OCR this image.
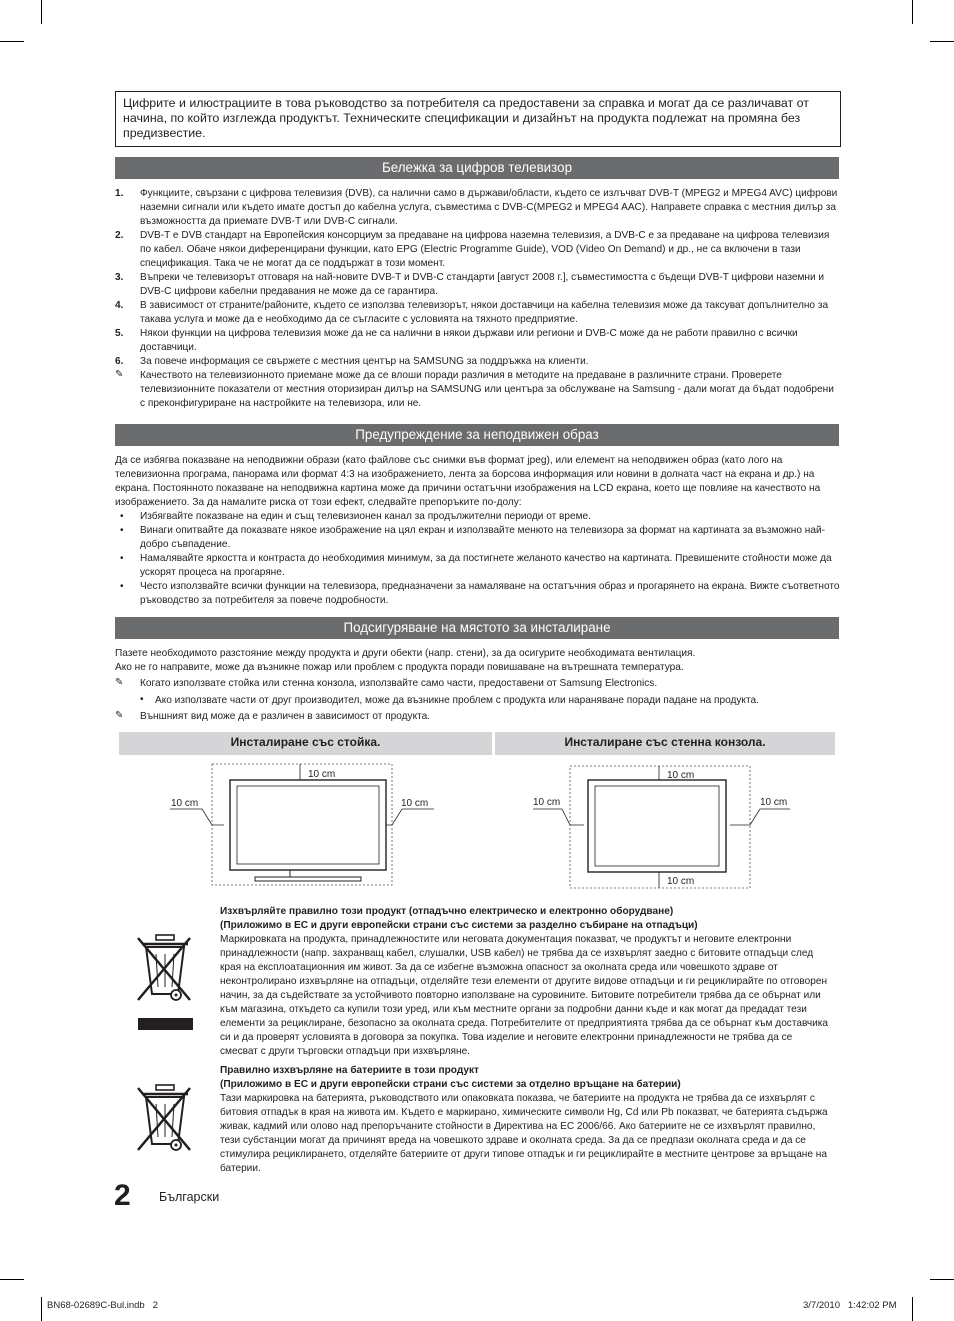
Цифрите и илюстрациите в това ръководство за потребителя са предоставени за справка и могат да се различават от начина, по който изглежда продуктът. Техническите спецификации и дизайнът на продукта подлежат на промяна без предизвестие.
Бележка за цифров телевизор
1. Функциите, свързани с цифрова телевизия (DVB), са налични само в държави/области, където се излъчват DVB-T (MPEG2 и MPEG4 AVC) цифрови наземни сигнали или където имате достъп до кабелна услуга, съвместима с DVB-C(MPEG2 и MPEG4 AAC). Направете справка с местния дилър за възможността да приемате DVB-T или DVB-C сигнали.
2. DVB-T е DVB стандарт на Европейския консорциум за предаване на цифрова наземна телевизия, а DVB-C е за предаване на цифрова телевизия по кабел. Обаче някои диференцирани функции, като EPG (Electric Programme Guide), VOD (Video On Demand) и др., не са включени в тази спецификация. Така че не могат да се поддържат в този момент.
3. Въпреки че телевизорът отговаря на най-новите DVB-T и DVB-C стандарти [август 2008 г.], съвместимостта с бъдещи DVB-T цифрови наземни и DVB-C цифрови кабелни предавания не може да се гарантира.
4. В зависимост от страните/районите, където се използва телевизорът, някои доставчици на кабелна телевизия може да таксуват допълнително за такава услуга и може да е необходимо да се съгласите с условията на тяхното предприятие.
5. Някои функции на цифрова телевизия може да не са налични в някои държави или региони и DVB-C може да не работи правилно с всички доставчици.
6. За повече информация се свържете с местния център на SAMSUNG за поддръжка на клиенти.
✎ Качеството на телевизионното приемане може да се влоши поради различия в методите на предаване в различните страни. Проверете телевизионните показатели от местния оторизиран дилър на SAMSUNG или центъра за обслужване на Samsung - дали могат да бъдат подобрени с преконфигуриране на настройките на телевизора, или не.
Предупреждение за неподвижен образ
Да се избягва показване на неподвижни образи (като файлове със снимки във формат jpeg), или елемент на неподвижен образ (като лого на телевизионна програма, панорама или формат 4:3 на изображението, лента за борсова информация или новини в долната част на екрана и др.) на екрана. Постоянното показване на неподвижна картина може да причини остатъчни изображения на LCD екрана, което ще повлияе на качеството на изображението. За да намалите риска от този ефект, следвайте препоръките по-долу:
• Избягвайте показване на един и същ телевизионен канал за продължителни периоди от време.
• Винаги опитвайте да показвате някое изображение на цял екран и използвайте менюто на телевизора за формат на картината за възможно най-добро съвпадение.
• Намалявайте яркостта и контраста до необходимия минимум, за да постигнете желаното качество на картината. Превишените стойности може да ускорят процеса на прогаряне.
• Често използвайте всички функции на телевизора, предназначени за намаляване на остатъчния образ и прогарянето на екрана. Вижте съответното ръководство за потребителя за повече подробности.
Подсигуряване на мястото за инсталиране
Пазете необходимото разстояние между продукта и други обекти (напр. стени), за да осигурите необходимата вентилация.
Ако не го направите, може да възникне пожар или проблем с продукта поради повишаване на вътрешната температура.
✎ Когато използвате стойка или стенна конзола, използвайте само части, предоставени от Samsung Electronics.
• Ако използвате части от друг производител, може да възникне проблем с продукта или нараняване поради падане на продукта.
✎ Външният вид може да е различен в зависимост от продукта.
Инсталиране със стойка.	Инсталиране със стенна конзола.
10 cm
10 cm	10 cm
10 cm
10 cm
10 cm	10 cm
Изхвърляйте правилно този продукт (отпадъчно електрическо и електронно оборудване)
(Приложимо в ЕС и други европейски страни със системи за разделно събиране на отпадъци)
Маркировката на продукта, принадлежностите или неговата документация показват, че продуктът и неговите електронни принадлежности (напр. захранващ кабел, слушалки, USB кабел) не трябва да се изхвърлят заедно с битовите отпадъци след края на експлоатационния им живот. За да се избегне възможна опасност за околната среда или човешкото здраве от неконтролирано изхвърляне на отпадъци, отделяйте тези елементи от другите видове отпадъци и ги рециклирайте по отговорен начин, за да съдействате за устойчивото повторно използване на суровините. Битовите потребители трябва да се обърнат или към магазина, откъдето са купили този уред, или към местните органи за подробни данни къде и как могат да предадат тези елементи за рециклиране, безопасно за околната среда. Потребителите от предприятията трябва да се обърнат към доставчика си и да проверят условията в договора за покупка. Това изделие и неговите електронни принадлежности не трябва да се смесват с други търговски отпадъци при изхвърляне.
Правилно изхвърляне на батериите в този продукт
(Приложимо в ЕС и други европейски страни със системи за отделно връщане на батерии)
Тази маркировка на батерията, ръководството или опаковката показва, че батериите на продукта не трябва да се изхвърлят с битовия отпадък в края на живота им. Където е маркирано, химическите символи Hg, Cd или Pb показват, че батерията съдържа живак, кадмий или олово над препоръчаните стойности в Директива на ЕС 2006/66. Ако батериите не се изхвърлят правилно, тези субстанции могат да причинят вреда на човешкото здраве и околната среда. За да се предпази околната среда и да се стимулира рециклирането, отделяйте батериите от други типове отпадък и ги рециклирайте в местните центрове за връщане на батерии.
2 Български
BN68-02689C-Bul.indb   2	3/7/2010   1:42:02 PM
